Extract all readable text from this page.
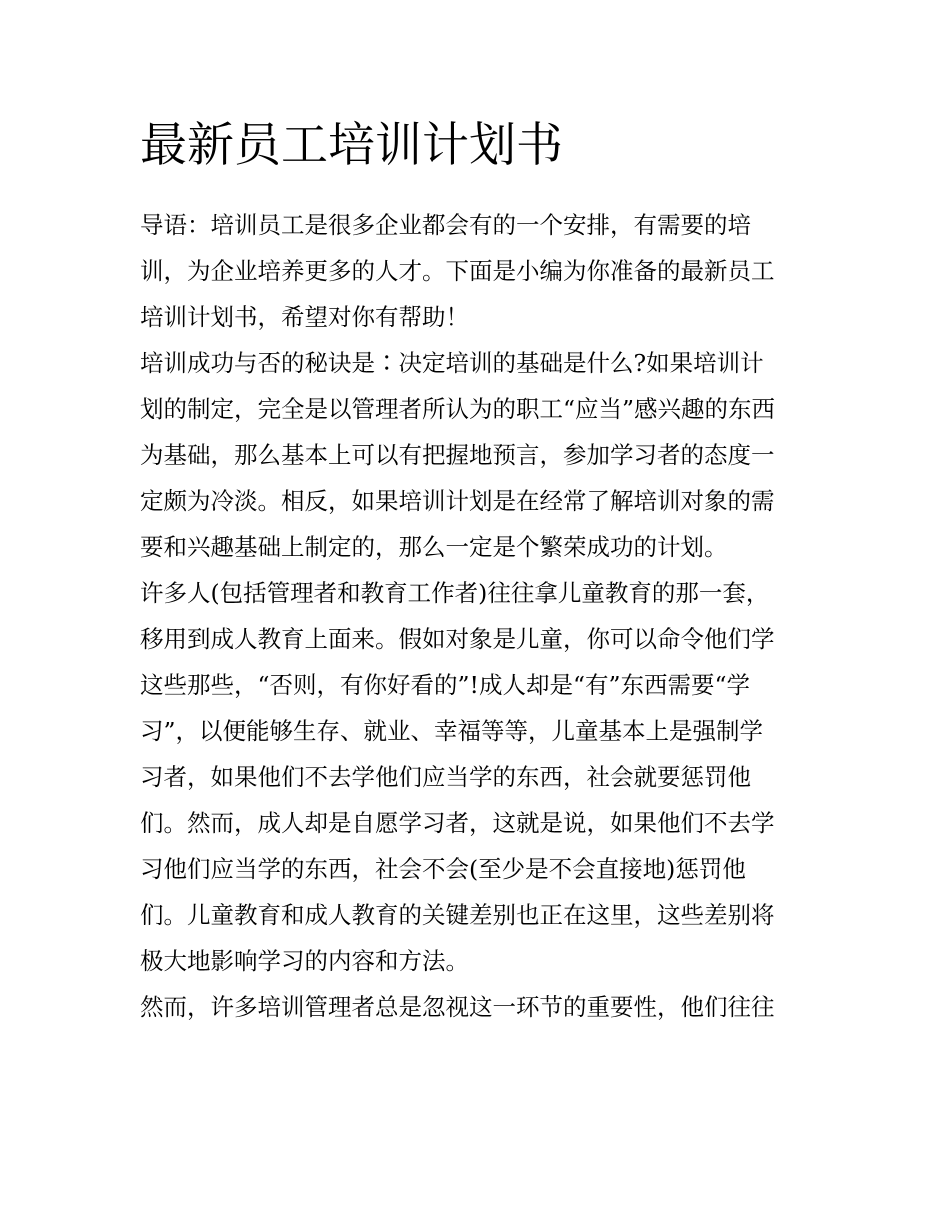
最新员工培训计划书

导语：培训员工是很多企业都会有的一个安排，有需要的培
训，为企业培养更多的人才。下面是小编为你准备的最新员工
培训计划书，希望对你有帮助！

培训成功与否的秘诀是∶决定培训的基础是什么?如果培训计
划的制定，完全是以管理者所认为的职工“应当”感兴趣的东西
为基础，那么基本上可以有把握地预言，参加学习者的态度一
定颇为冷淡。相反，如果培训计划是在经常了解培训对象的需
要和兴趣基础上制定的，那么一定是个繁荣成功的计划。

许多人(包括管理者和教育工作者)往往拿儿童教育的那一套，
移用到成人教育上面来。假如对象是儿童，你可以命令他们学
这些那些，“否则，有你好看的”!成人却是“有”东西需要“学
习”，以便能够生存、就业、幸福等等，儿童基本上是强制学
习者，如果他们不去学他们应当学的东西，社会就要惩罚他
们。然而，成人却是自愿学习者，这就是说，如果他们不去学
习他们应当学的东西，社会不会(至少是不会直接地)惩罚他
们。儿童教育和成人教育的关键差别也正在这里，这些差别将
极大地影响学习的内容和方法。

然而，许多培训管理者总是忽视这一环节的重要性，他们往往
